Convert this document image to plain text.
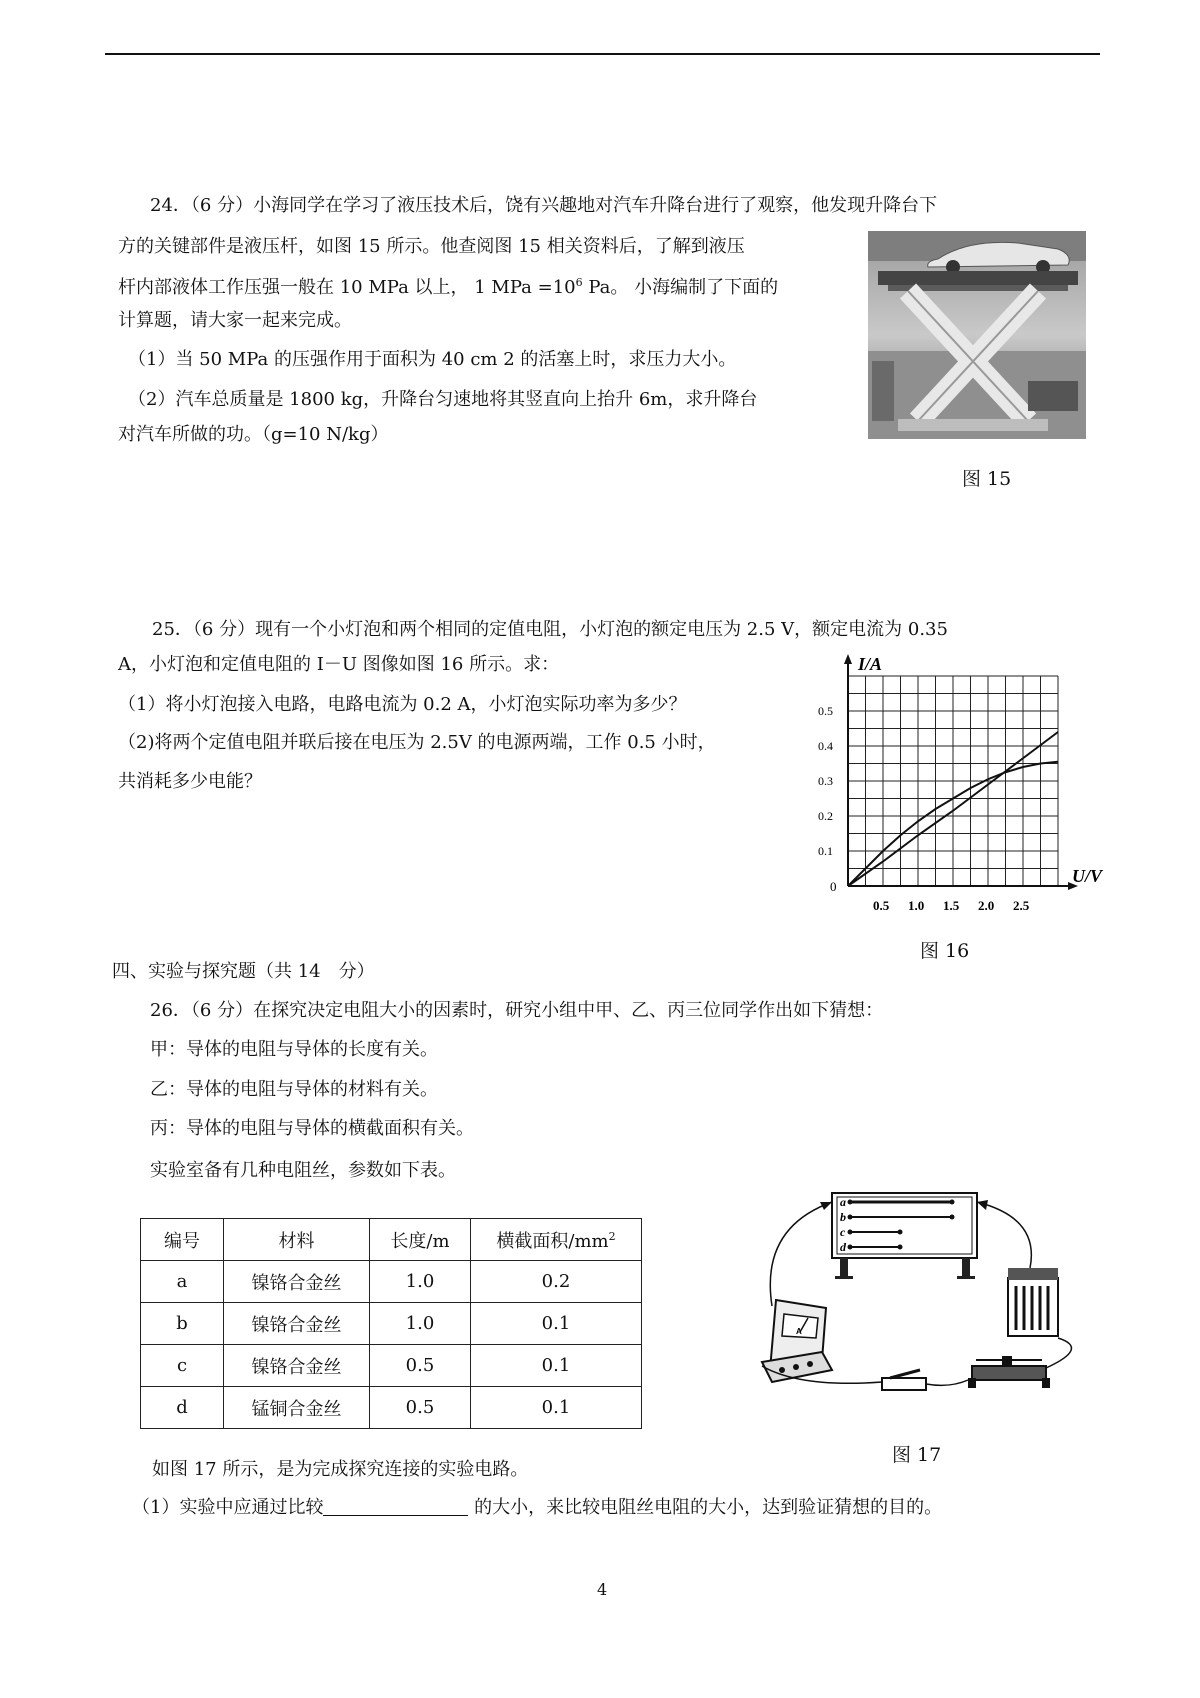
24．（6 分）小海同学在学习了液压技术后，饶有兴趣地对汽车升降台进行了观察，他发现升降台下
方的关键部件是液压杆，如图 15 所示。他查阅图 15 相关资料后，了解到液压
杆内部液体工作压强一般在 10 MPa 以上， 1 MPa $=10^6$ Pa。 小海编制了下面的
计算题，请大家一起来完成。
（1）当 50 MPa 的压强作用于面积为 40 cm 2 的活塞上时，求压力大小。
（2）汽车总质量是 1800 kg，升降台匀速地将其竖直向上抬升 6m，求升降台
对汽车所做的功。（g=10 N/kg）
图 15
25．（6 分）现有一个小灯泡和两个相同的定值电阻，小灯泡的额定电压为 2.5 V，额定电流为 0.35
A，小灯泡和定值电阻的 I－U 图像如图 16 所示。求：
（1）将小灯泡接入电路，电路电流为 0.2 A，小灯泡实际功率为多少？
（2)将两个定值电阻并联后接在电压为 2.5V 的电源两端，工作 0.5 小时，
共消耗多少电能？
0.5 1.0 1.5 2.0 2.5
0.1
0.2
0.3
0.4
0.5
I/A
U/V
0
图 16
四、实验与探究题（共 14　分）
26．（6 分）在探究决定电阻大小的因素时，研究小组中甲、乙、丙三位同学作出如下猜想：
甲：导体的电阻与导体的长度有关。
乙：导体的电阻与导体的材料有关。
丙：导体的电阻与导体的横截面积有关。
实验室备有几种电阻丝，参数如下表。
编号	材料	长度/m	横截面积$/mm^2$
a	镍铬合金丝	1.0	0.2
b	镍铬合金丝	1.0	0.1
c	镍铬合金丝	0.5	0.1
d	锰铜合金丝	0.5	0.1
a
b
c
d
A
图 17
如图 17 所示，是为完成探究连接的实验电路。
（1）实验中应通过比较	的大小，来比较电阻丝电阻的大小，达到验证猜想的目的。
4
